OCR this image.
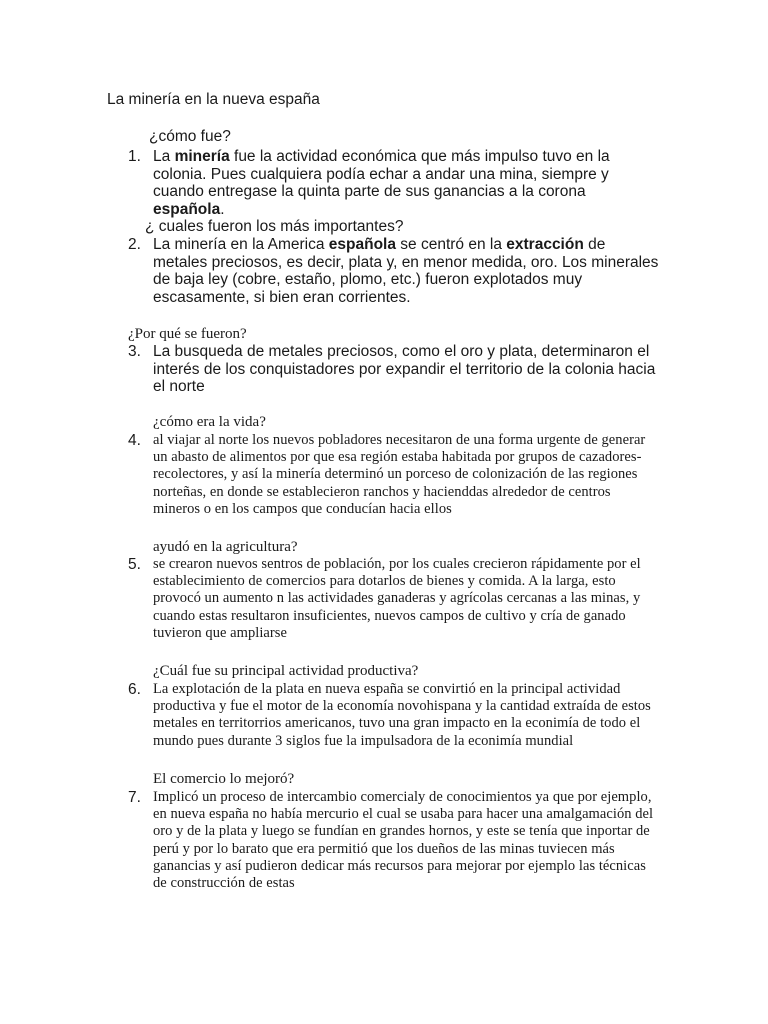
La minería en la nueva españa
¿cómo fue?
1. La minería fue la actividad económica que más impulso tuvo en la colonia. Pues cualquiera podía echar a andar una mina, siempre y cuando entregase la quinta parte de sus ganancias a la corona española.
¿ cuales fueron los más importantes?
2. La minería en la America española se centró en la extracción de metales preciosos, es decir, plata y, en menor medida, oro. Los minerales de baja ley (cobre, estaño, plomo, etc.) fueron explotados muy escasamente, si bien eran corrientes.
¿Por qué se fueron?
3. La busqueda de metales preciosos, como el oro y plata, determinaron el interés de los conquistadores por expandir el territorio de la colonia hacia el norte
¿cómo era la vida?
4. al viajar al norte los nuevos pobladores necesitaron de una forma urgente de generar un abasto de alimentos por que esa región estaba habitada por grupos de cazadores-recolectores, y así la minería determinó un porceso de colonización de las regiones norteñas, en donde se establecieron ranchos y hacienddas alrededor de centros mineros o en los campos que conducían hacia ellos
ayudó en la agricultura?
5. se crearon nuevos sentros de población, por los cuales crecieron rápidamente por el establecimiento de comercios para dotarlos de bienes y comida. A la larga, esto provocó un aumento n las actividades ganaderas y agrícolas cercanas a las minas, y cuando estas resultaron insuficientes, nuevos campos de cultivo y cría de ganado tuvieron que ampliarse
¿Cuál fue su principal actividad productiva?
6. La explotación de la plata en nueva españa se convirtió en la principal actividad productiva y fue el motor de la economía novohispana y la cantidad extraída de estos metales en territorrios americanos, tuvo una gran impacto en la econimía de todo el mundo pues durante 3 siglos fue la impulsadora de la econimía mundial
El comercio lo mejoró?
7. Implicó un proceso de intercambio comercialy de conocimientos ya que por ejemplo, en nueva españa no había mercurio el cual se usaba para hacer una amalgamación del oro y de la plata y luego se fundían en grandes hornos, y este se tenía que inportar de perú y por lo barato que era permitió que los dueños de las minas tuviecen más ganancias y así pudieron dedicar más recursos para mejorar por ejemplo las técnicas de construcción de estas
